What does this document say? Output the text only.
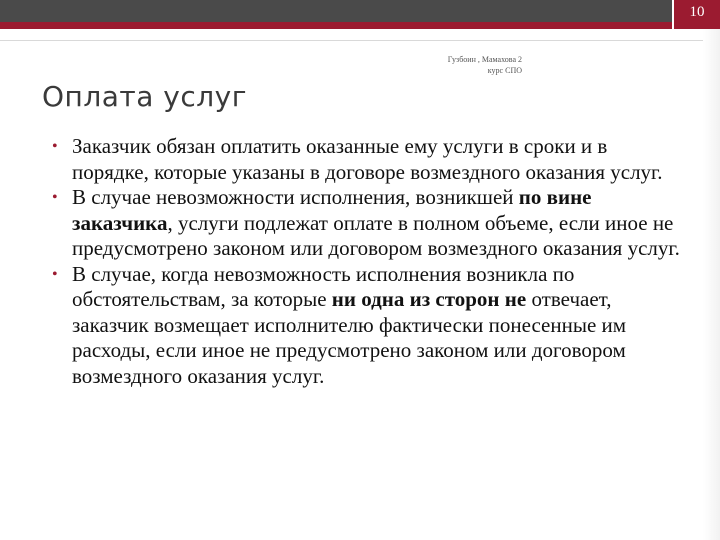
10
Гузбоин , Мамахова 2
курс СПО
Оплата услуг
• Заказчик обязан оплатить оказанные ему услуги в сроки и в порядке, которые указаны в договоре возмездного оказания услуг.
• В случае невозможности исполнения, возникшей по вине заказчика, услуги подлежат оплате в полном объеме, если иное не предусмотрено законом или договором возмездного оказания услуг.
• В случае, когда невозможность исполнения возникла по обстоятельствам, за которые ни одна из сторон не отвечает, заказчик возмещает исполнителю фактически понесенные им расходы, если иное не предусмотрено законом или договором возмездного оказания услуг.
